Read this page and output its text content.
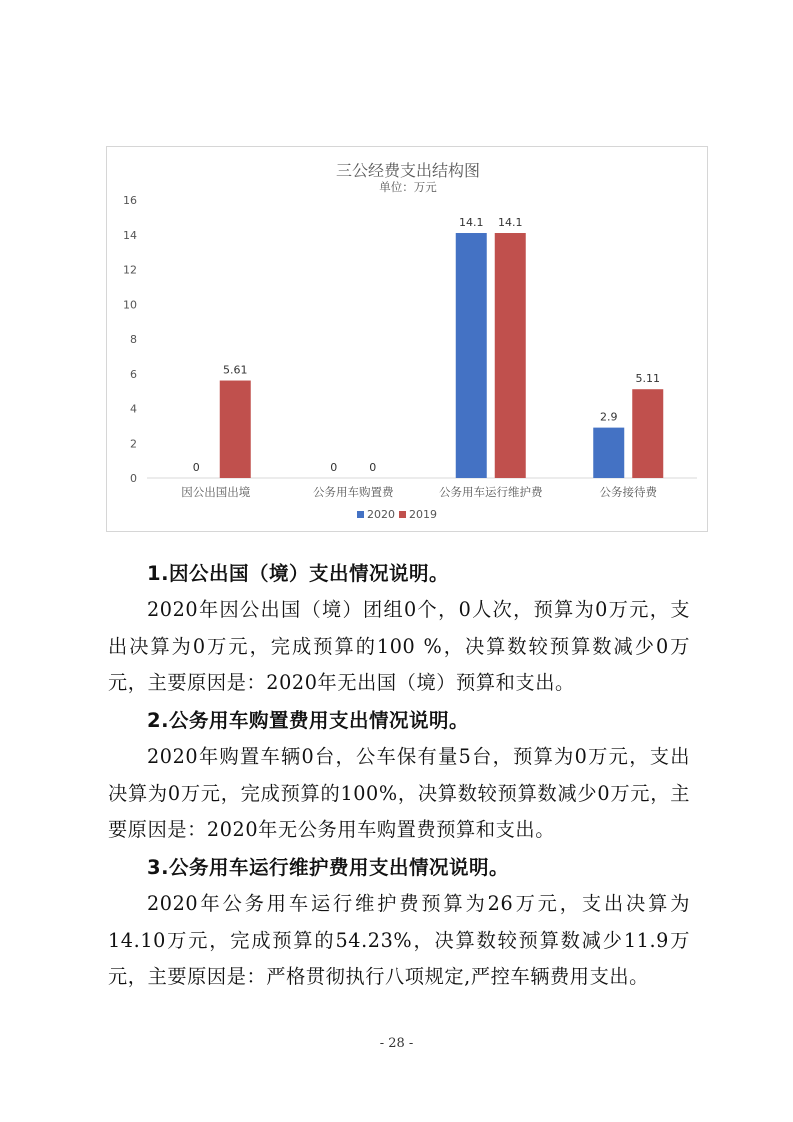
三公经费支出结构图
单位：万元
0
2
4
6
8
10
12
14
16
因公出国出境
0
5.61
公务用车购置费
0	0
公务用车运行维护费
14.1 14.1
公务接待费
2.9
5.11
2020 2019

1.因公出国（境）支出情况说明。

2020年因公出国（境）团组0个，0人次，预算为0万元，支出决算为0万元，完成预算的100 %，决算数较预算数减少0万元，主要原因是：2020年无出国（境）预算和支出。

2.公务用车购置费用支出情况说明。

2020年购置车辆0台，公车保有量5台，预算为0万元，支出决算为0万元，完成预算的100%，决算数较预算数减少0万元，主要原因是：2020年无公务用车购置费预算和支出。

3.公务用车运行维护费用支出情况说明。

2020年公务用车运行维护费预算为26万元，支出决算为14.10万元，完成预算的54.23%，决算数较预算数减少11.9万元，主要原因是：严格贯彻执行八项规定,严控车辆费用支出。

- 28 -
